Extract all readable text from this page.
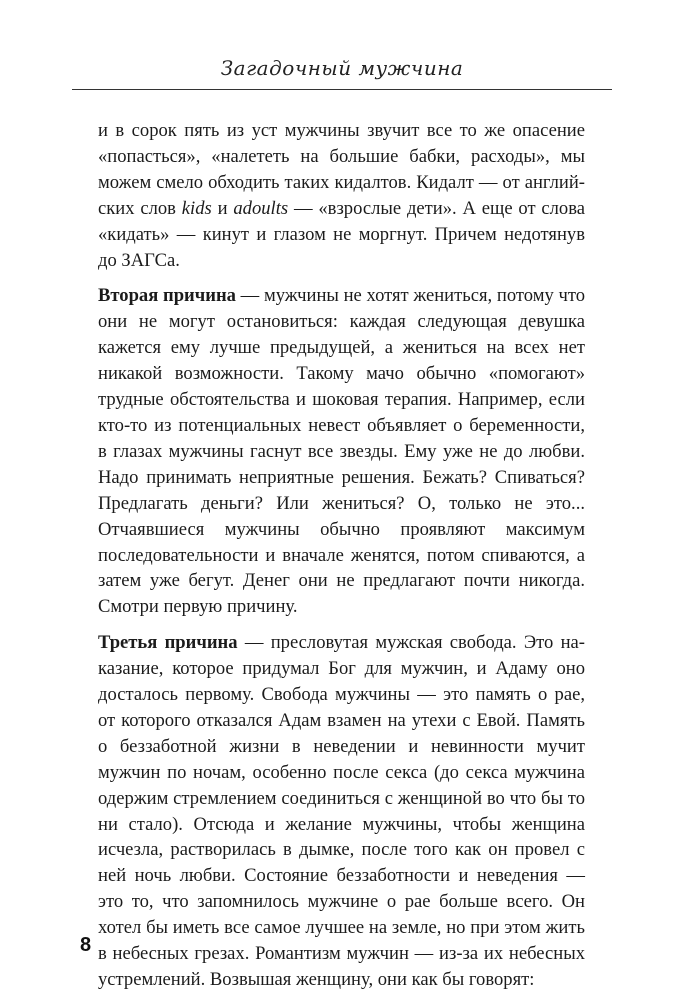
Загадочный мужчина

и в сорок пять из уст мужчины звучит все то же опасение «попасться», «налететь на большие бабки, расходы», мы можем смело обходить таких кидалтов. Кидалт — от английских слов kids и adoults — «взрослые дети». А еще от слова «кидать» — кинут и глазом не моргнут. Причем недотянув до ЗАГСа.

Вторая причина — мужчины не хотят жениться, потому что они не могут остановиться: каждая следующая девушка кажется ему лучше предыдущей, а жениться на всех нет никакой возможности. Такому мачо обычно «помогают» трудные обстоятельства и шоковая терапия. Например, если кто-то из потенциальных невест объявляет о беременности, в глазах мужчины гаснут все звезды. Ему уже не до любви. Надо принимать неприятные решения. Бежать? Спиваться? Предлагать деньги? Или жениться? О, только не это... Отчаявшиеся мужчины обычно проявляют максимум последовательности и вначале женятся, потом спиваются, а затем уже бегут. Денег они не предлагают почти никогда. Смотри первую причину.

Третья причина — пресловутая мужская свобода. Это наказание, которое придумал Бог для мужчин, и Адаму оно досталось первому. Свобода мужчины — это память о рае, от которого отказался Адам взамен на утехи с Евой. Память о беззаботной жизни в неведении и невинности мучит мужчин по ночам, особенно после секса (до секса мужчина одержим стремлением соединиться с женщиной во что бы то ни стало). Отсюда и желание мужчины, чтобы женщина исчезла, растворилась в дымке, после того как он провел с ней ночь любви. Состояние беззаботности и неведения — это то, что запомнилось мужчине о рае больше всего. Он хотел бы иметь все самое лучшее на земле, но при этом жить в небесных грезах. Романтизм мужчин — из-за их небесных устремлений. Возвышая женщину, они как бы говорят:

8
